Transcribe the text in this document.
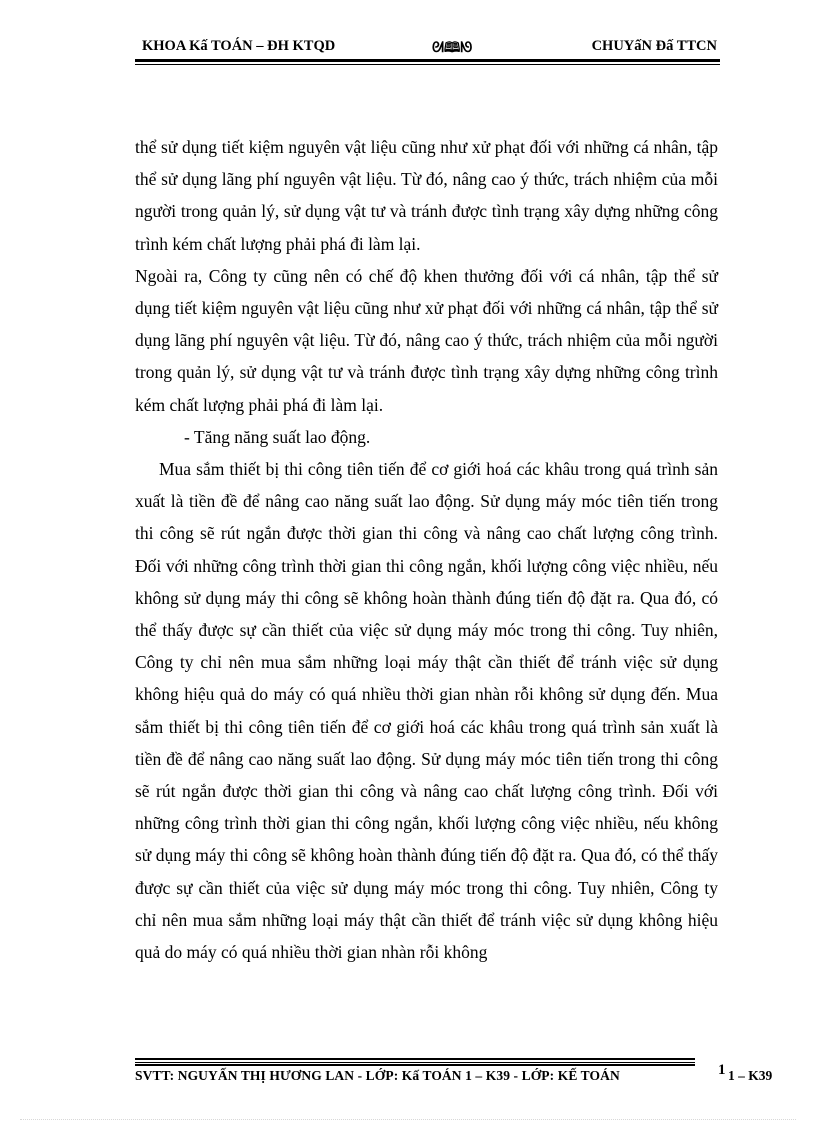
KHOA Kấ TOÁN – ĐH KTQD	ᘛ🕮ᘚ	CHUYấN Đấ TTCN

thể sử dụng tiết kiệm nguyên vật liệu cũng như xử phạt đối với những cá nhân, tập thể sử dụng lãng phí nguyên vật liệu. Từ đó, nâng cao ý thức, trách nhiệm của mỗi người trong quản lý, sử dụng vật tư và tránh được tình trạng xây dựng những công trình kém chất lượng phải phá đi làm lại.

Ngoài ra, Công ty cũng nên có chế độ khen thưởng đối với cá nhân, tập thể sử dụng tiết kiệm nguyên vật liệu cũng như xử phạt đối với những cá nhân, tập thể sử dụng lãng phí nguyên vật liệu. Từ đó, nâng cao ý thức, trách nhiệm của mỗi người trong quản lý, sử dụng vật tư và tránh được tình trạng xây dựng những công trình kém chất lượng phải phá đi làm lại.

- Tăng năng suất lao động.

Mua sắm thiết bị thi công tiên tiến để cơ giới hoá các khâu trong quá trình sản xuất là tiền đề để nâng cao năng suất lao động. Sử dụng máy móc tiên tiến trong thi công sẽ rút ngắn được thời gian thi công và nâng cao chất lượng công trình. Đối với những công trình thời gian thi công ngắn, khối lượng công việc nhiều, nếu không sử dụng máy thi công sẽ không hoàn thành đúng tiến độ đặt ra. Qua đó, có thể thấy được sự cần thiết của việc sử dụng máy móc trong thi công. Tuy nhiên, Công ty chỉ nên mua sắm những loại máy thật cần thiết để tránh việc sử dụng không hiệu quả do máy có quá nhiều thời gian nhàn rỗi không sử dụng đến. Mua sắm thiết bị thi công tiên tiến để cơ giới hoá các khâu trong quá trình sản xuất là tiền đề để nâng cao năng suất lao động. Sử dụng máy móc tiên tiến trong thi công sẽ rút ngắn được thời gian thi công và nâng cao chất lượng công trình. Đối với những công trình thời gian thi công ngắn, khối lượng công việc nhiều, nếu không sử dụng máy thi công sẽ không hoàn thành đúng tiến độ đặt ra. Qua đó, có thể thấy được sự cần thiết của việc sử dụng máy móc trong thi công. Tuy nhiên, Công ty chỉ nên mua sắm những loại máy thật cần thiết để tránh việc sử dụng không hiệu quả do máy có quá nhiều thời gian nhàn rỗi không

SVTT: NGUYẤN THỊ HƯƠNG LAN - LỚP: Kấ TOÁN 1 – K39 - LỚP: KẾ TOÁN	1 1 – K39
